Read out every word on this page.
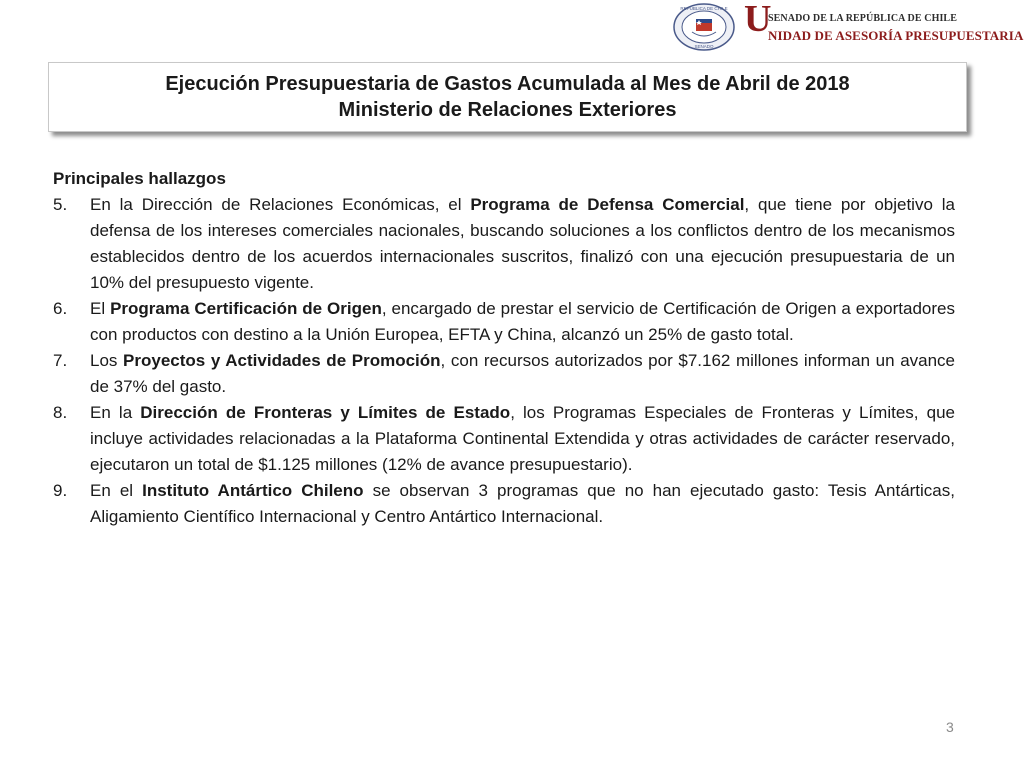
REPÚBLICA DE CHILE
SENADO
U
SENADO DE LA REPÚBLICA DE CHILE
NIDAD DE ASESORÍA PRESUPUESTARIA
Ejecución Presupuestaria de Gastos Acumulada al Mes de Abril de 2018
Ministerio de Relaciones Exteriores
Principales hallazgos
5. En la Dirección de Relaciones Económicas, el Programa de Defensa Comercial, que tiene por objetivo la defensa de los intereses comerciales nacionales, buscando soluciones a los conflictos dentro de los mecanismos establecidos dentro de los acuerdos internacionales suscritos, finalizó con una ejecución presupuestaria de un 10% del presupuesto vigente.
6. El Programa Certificación de Origen, encargado de prestar el servicio de Certificación de Origen a exportadores con productos con destino a la Unión Europea, EFTA y China, alcanzó un 25% de gasto total.
7. Los Proyectos y Actividades de Promoción, con recursos autorizados por $7.162 millones informan un avance de 37% del gasto.
8. En la Dirección de Fronteras y Límites de Estado, los Programas Especiales de Fronteras y Límites, que incluye actividades relacionadas a la Plataforma Continental Extendida y otras actividades de carácter reservado, ejecutaron un total de $1.125 millones (12% de avance presupuestario).
9. En el Instituto Antártico Chileno se observan 3 programas que no han ejecutado gasto: Tesis Antárticas, Aligamiento Científico Internacional y Centro Antártico Internacional.
3
